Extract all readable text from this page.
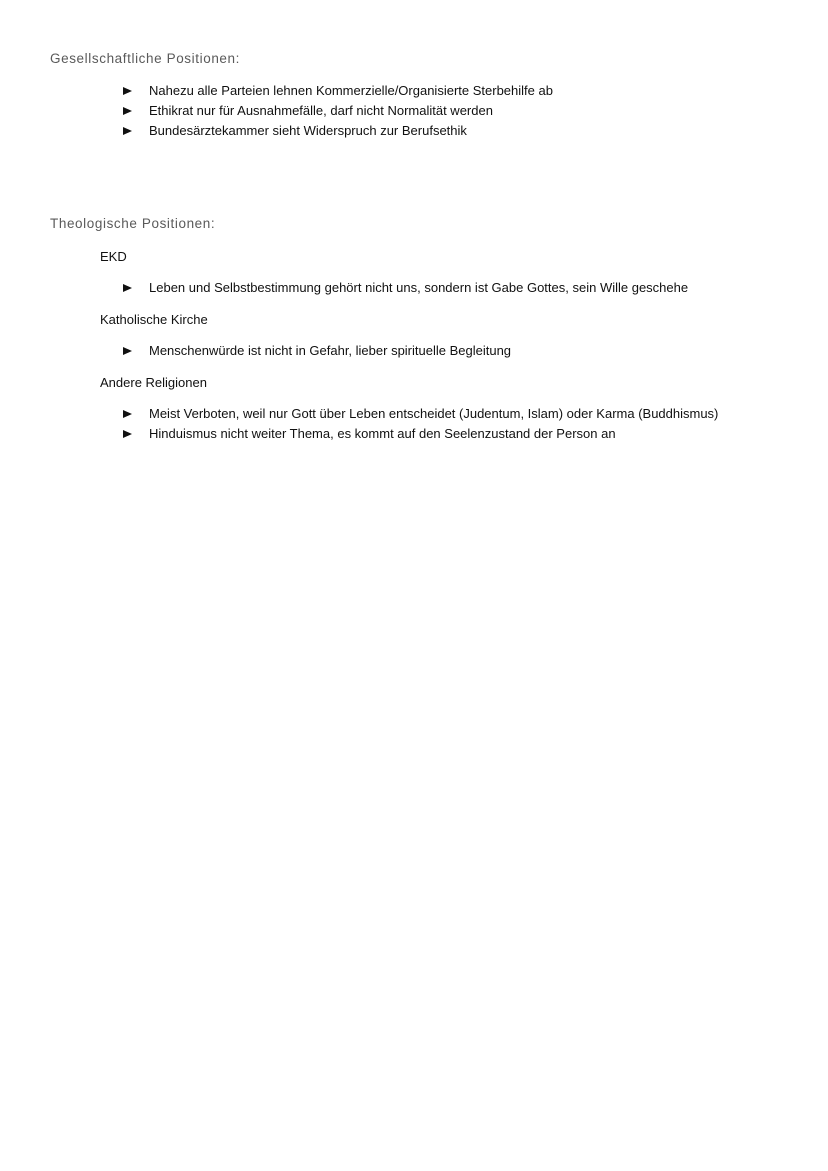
Gesellschaftliche Positionen:
Nahezu alle Parteien lehnen Kommerzielle/Organisierte Sterbehilfe ab
Ethikrat nur für Ausnahmefälle, darf nicht Normalität werden
Bundesärztekammer sieht Widerspruch zur Berufsethik
Theologische Positionen:
EKD
Leben und Selbstbestimmung gehört nicht uns, sondern ist Gabe Gottes, sein Wille geschehe
Katholische Kirche
Menschenwürde ist nicht in Gefahr, lieber spirituelle Begleitung
Andere Religionen
Meist Verboten, weil nur Gott über Leben entscheidet (Judentum, Islam) oder Karma (Buddhismus)
Hinduismus nicht weiter Thema, es kommt auf den Seelenzustand der Person an
